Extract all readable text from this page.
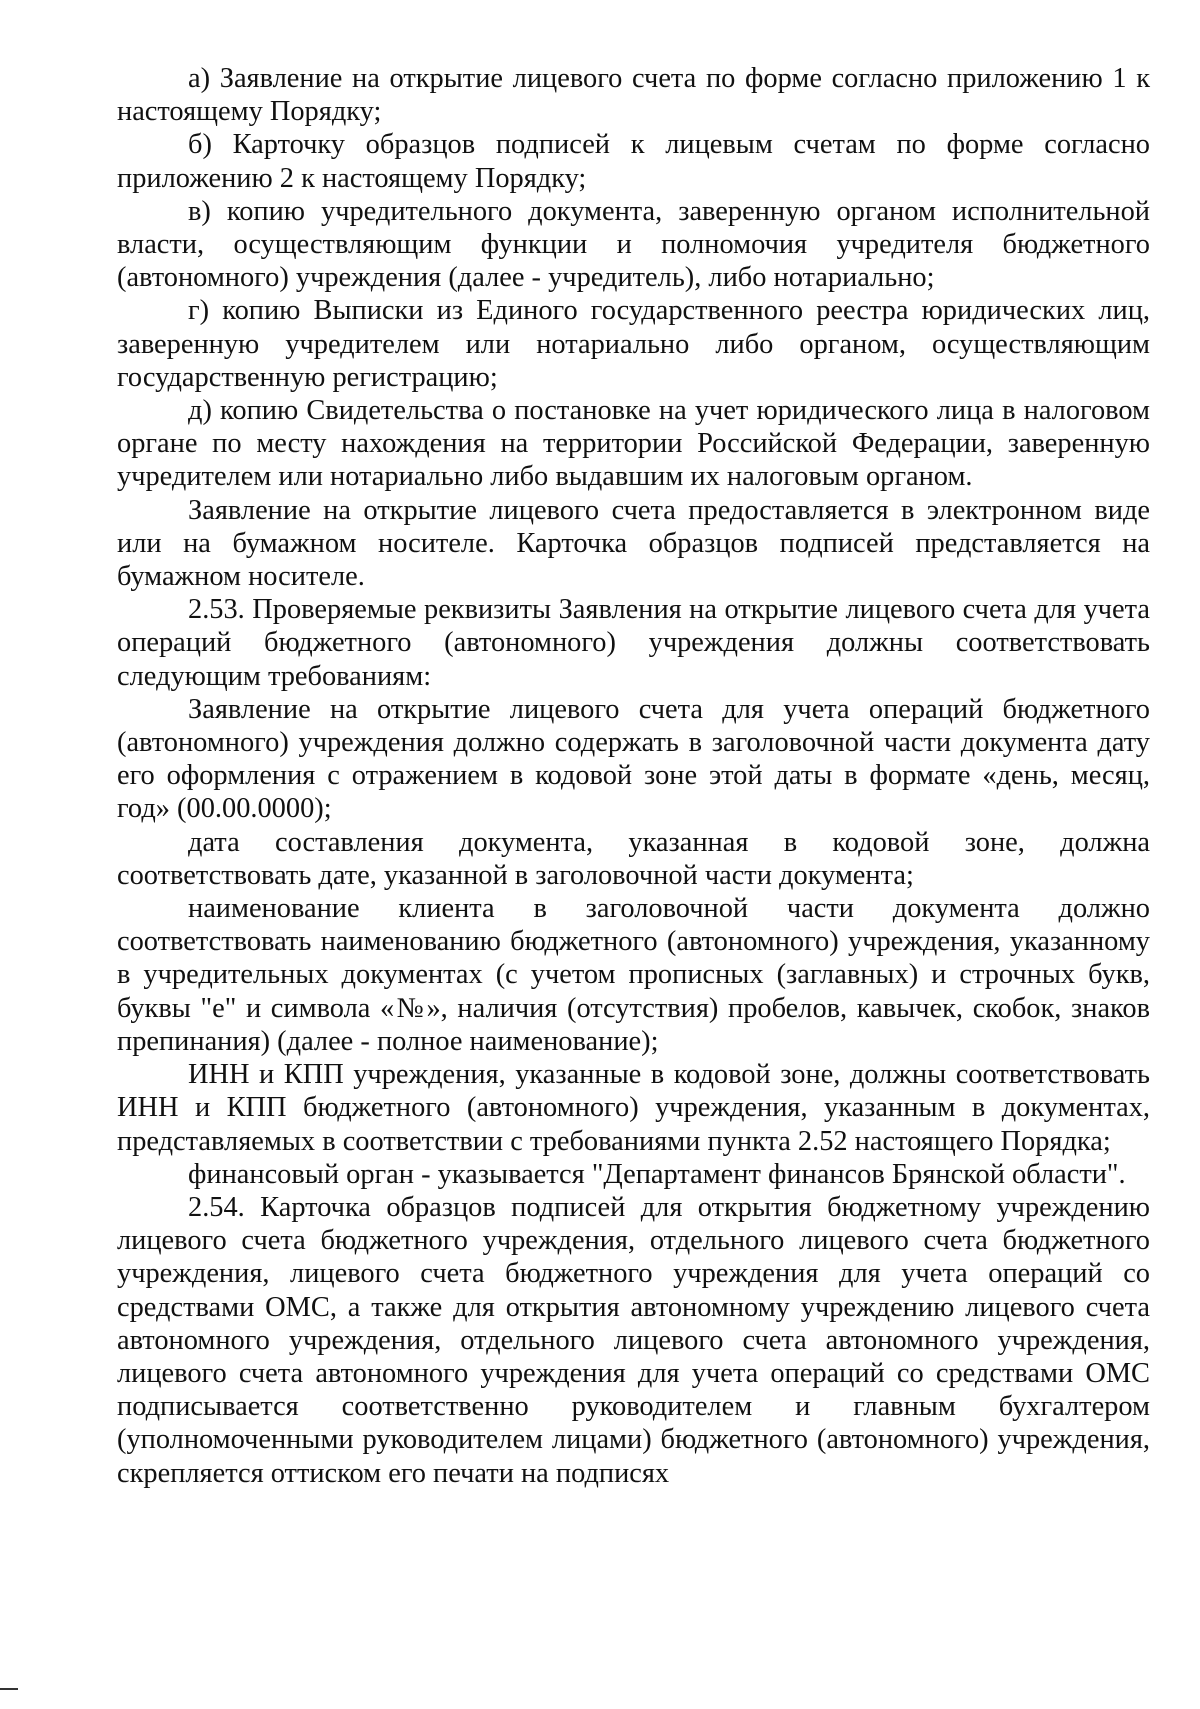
а) Заявление на открытие лицевого счета по форме согласно приложению 1 к настоящему Порядку;

б) Карточку образцов подписей к лицевым счетам по форме согласно приложению 2 к настоящему Порядку;

в) копию учредительного документа, заверенную органом исполнительной власти, осуществляющим функции и полномочия учредителя бюджетного (автономного) учреждения (далее - учредитель), либо нотариально;

г) копию Выписки из Единого государственного реестра юридических лиц, заверенную учредителем или нотариально либо органом, осуществляющим государственную регистрацию;

д) копию Свидетельства о постановке на учет юридического лица в налоговом органе по месту нахождения на территории Российской Федерации, заверенную учредителем или нотариально либо выдавшим их налоговым органом.

Заявление на открытие лицевого счета предоставляется в электронном виде или на бумажном носителе. Карточка образцов подписей представляется на бумажном носителе.

2.53. Проверяемые реквизиты Заявления на открытие лицевого счета для учета операций бюджетного (автономного) учреждения должны соответствовать следующим требованиям:

Заявление на открытие лицевого счета для учета операций бюджетного (автономного) учреждения должно содержать в заголовочной части документа дату его оформления с отражением в кодовой зоне этой даты в формате «день, месяц, год» (00.00.0000);

дата составления документа, указанная в кодовой зоне, должна соответствовать дате, указанной в заголовочной части документа;

наименование клиента в заголовочной части документа должно соответствовать наименованию бюджетного (автономного) учреждения, указанному в учредительных документах (с учетом прописных (заглавных) и строчных букв, буквы "е" и символа «№», наличия (отсутствия) пробелов, кавычек, скобок, знаков препинания) (далее - полное наименование);

ИНН и КПП учреждения, указанные в кодовой зоне, должны соответствовать ИНН и КПП бюджетного (автономного) учреждения, указанным в документах, представляемых в соответствии с требованиями пункта 2.52 настоящего Порядка;

финансовый орган - указывается "Департамент финансов Брянской области".

2.54. Карточка образцов подписей для открытия бюджетному учреждению лицевого счета бюджетного учреждения, отдельного лицевого счета бюджетного учреждения, лицевого счета бюджетного учреждения для учета операций со средствами ОМС, а также для открытия автономному учреждению лицевого счета автономного учреждения, отдельного лицевого счета автономного учреждения, лицевого счета автономного учреждения для учета операций со средствами ОМС подписывается соответственно руководителем и главным бухгалтером (уполномоченными руководителем лицами) бюджетного (автономного) учреждения, скрепляется оттиском его печати на подписях
